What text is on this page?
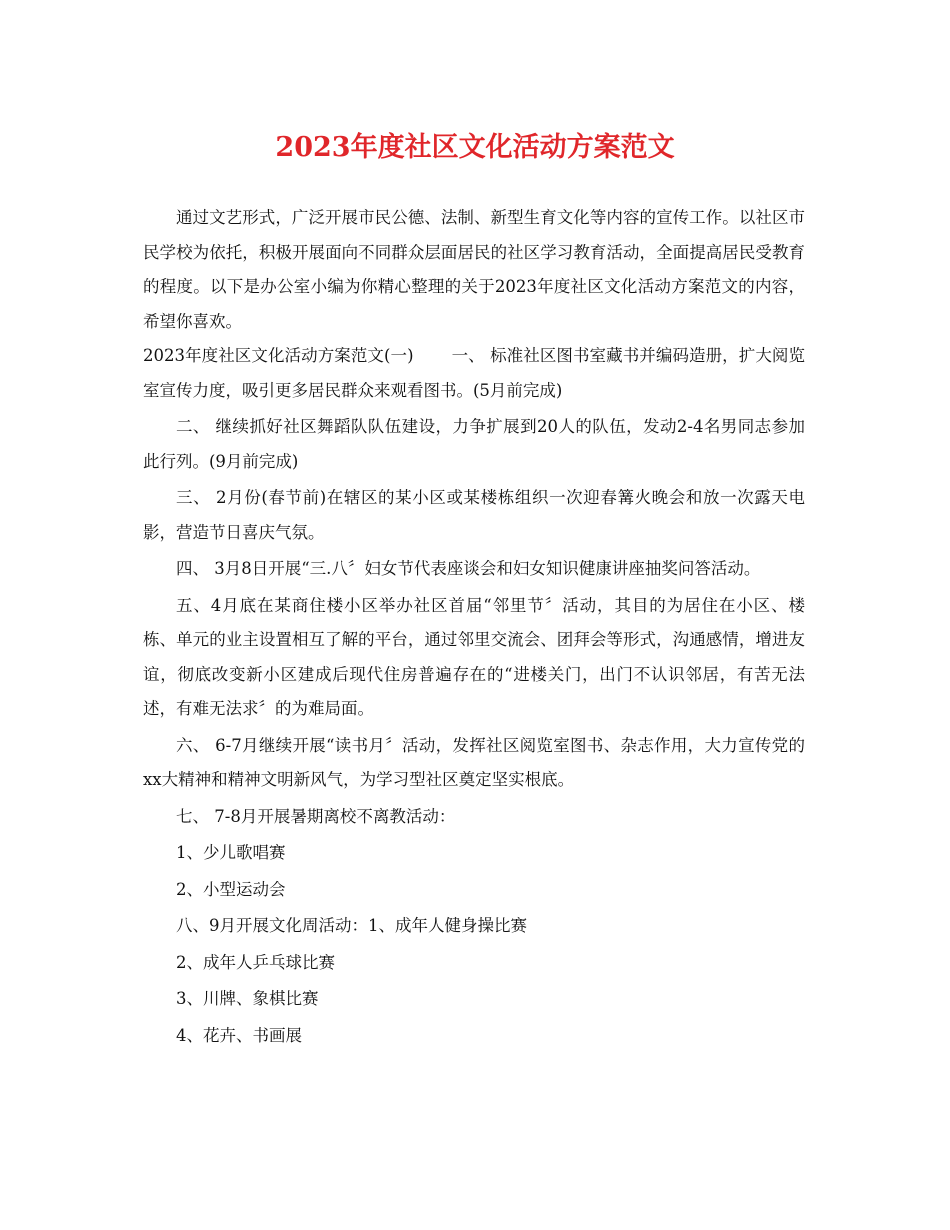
2023年度社区文化活动方案范文

通过文艺形式，广泛开展市民公德、法制、新型生育文化等内容的宣传工作。以社区市民学校为依托，积极开展面向不同群众层面居民的社区学习教育活动，全面提高居民受教育的程度。以下是办公室小编为你精心整理的关于2023年度社区文化活动方案范文的内容，希望你喜欢。

2023年度社区文化活动方案范文(一) 一、 标准社区图书室藏书并编码造册，扩大阅览室宣传力度，吸引更多居民群众来观看图书。(5月前完成)

二、 继续抓好社区舞蹈队队伍建设，力争扩展到20人的队伍，发动2-4名男同志参加此行列。(9月前完成)

三、 2月份(春节前)在辖区的某小区或某楼栋组织一次迎春篝火晚会和放一次露天电影，营造节日喜庆气氛。

四、 3月8日开展“三.八〞妇女节代表座谈会和妇女知识健康讲座抽奖问答活动。

五、4月底在某商住楼小区举办社区首届“邻里节〞活动，其目的为居住在小区、楼栋、单元的业主设置相互了解的平台，通过邻里交流会、团拜会等形式，沟通感情，增进友谊，彻底改变新小区建成后现代住房普遍存在的“进楼关门，出门不认识邻居，有苦无法述，有难无法求〞的为难局面。

六、 6-7月继续开展“读书月〞活动，发挥社区阅览室图书、杂志作用，大力宣传党的xx大精神和精神文明新风气，为学习型社区奠定坚实根底。

七、 7-8月开展暑期离校不离教活动：

1、少儿歌唱赛

2、小型运动会

八、9月开展文化周活动：1、成年人健身操比赛

2、成年人乒乓球比赛

3、川牌、象棋比赛

4、花卉、书画展
